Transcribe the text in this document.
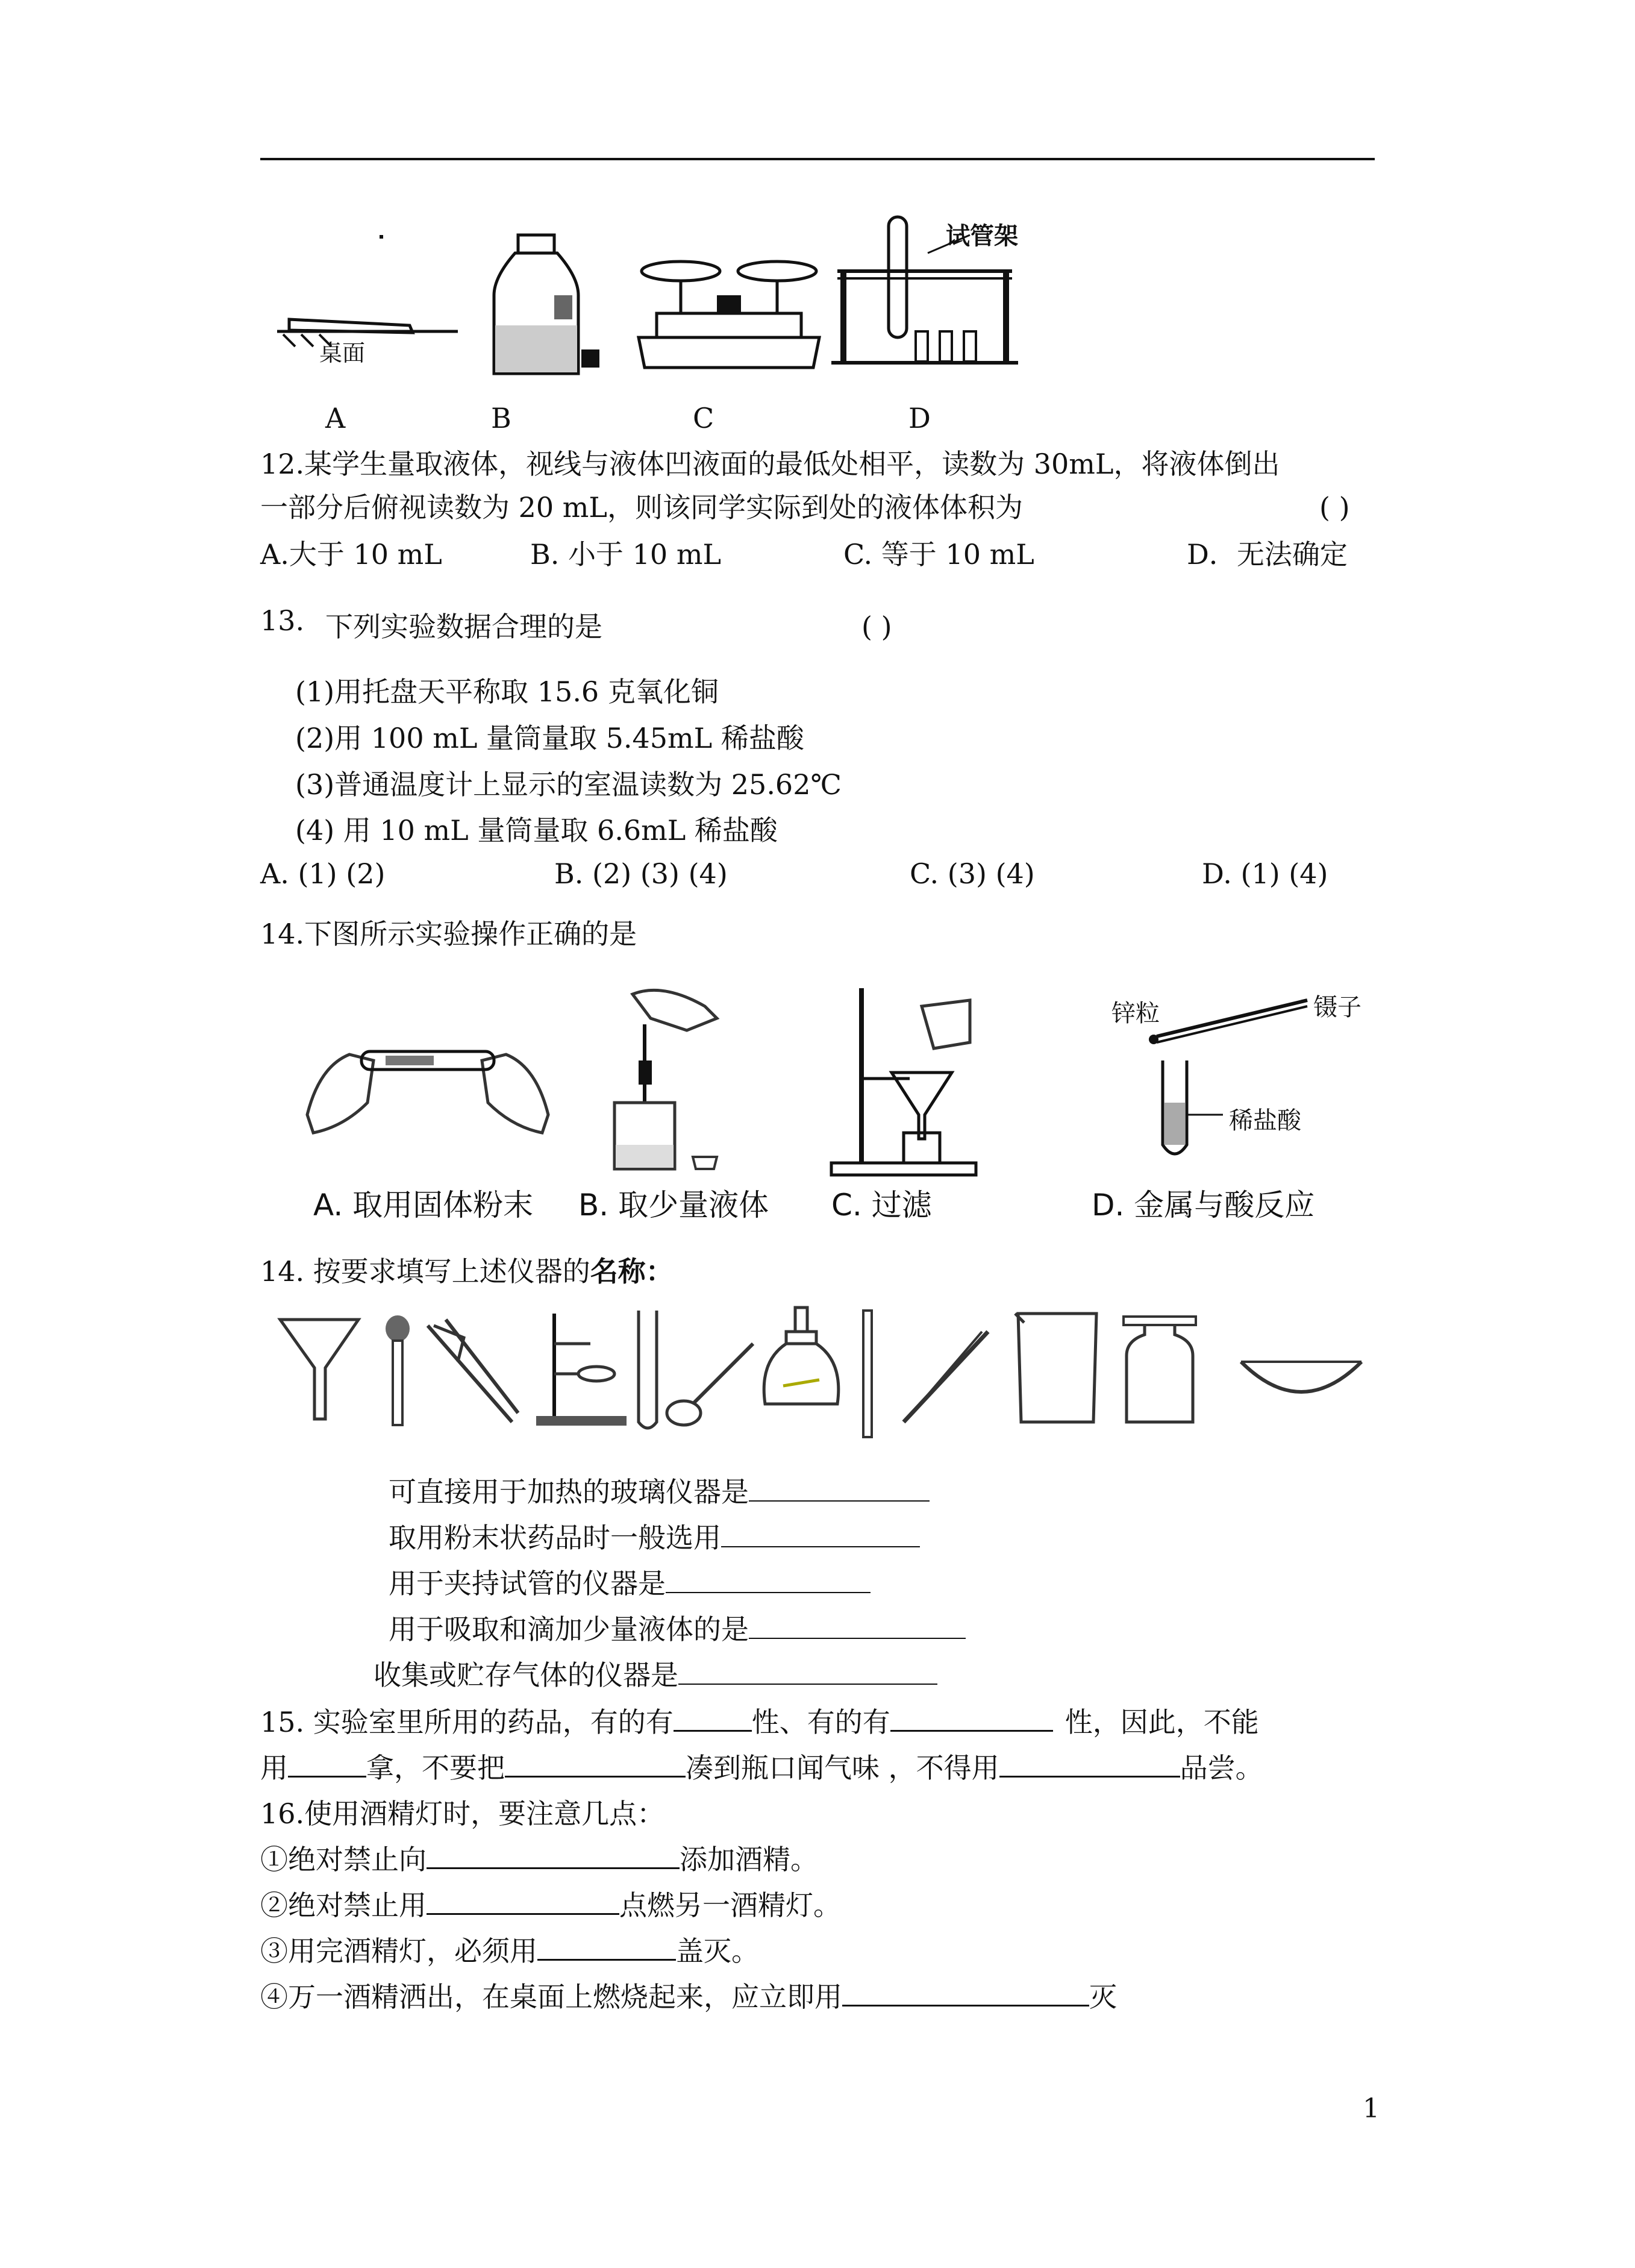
桌面
试管架
A	B	C	D
12.某学生量取液体，视线与液体凹液面的最低处相平，读数为 30mL，将液体倒出
一部分后俯视读数为 20 mL，则该同学实际到处的液体体积为	( )
A.大于 10 mL	B. 小于 10 mL	C. 等于 10 mL	D．无法确定
13. 下列实验数据合理的是	( )
(1)用托盘天平称取 15.6 克氧化铜
(2)用 100 mL 量筒量取 5.45mL 稀盐酸
(3)普通温度计上显示的室温读数为 25.62℃
(4) 用 10 mL 量筒量取 6.6mL 稀盐酸
A. (1) (2)	B. (2) (3) (4)	C. (3) (4)	D. (1) (4)
14.下图所示实验操作正确的是
锌粒	镊子
稀盐酸
A. 取用固体粉末 B. 取少量液体 C. 过滤	D. 金属与酸反应
14. 按要求填写上述仪器的名称：
可直接用于加热的玻璃仪器是
取用粉末状药品时一般选用
用于夹持试管的仪器是
用于吸取和滴加少量液体的是
收集或贮存气体的仪器是
15. 实验室里所用的药品，有的有	性、有的有	性，因此，不能
用	拿，不要把	凑到瓶口闻气味 ，不得用	品尝。
16.使用酒精灯时，要注意几点：
①绝对禁止向	添加酒精。
②绝对禁止用	点燃另一酒精灯。
③用完酒精灯，必须用	盖灭。
④万一酒精洒出，在桌面上燃烧起来，应立即用	灭
1
